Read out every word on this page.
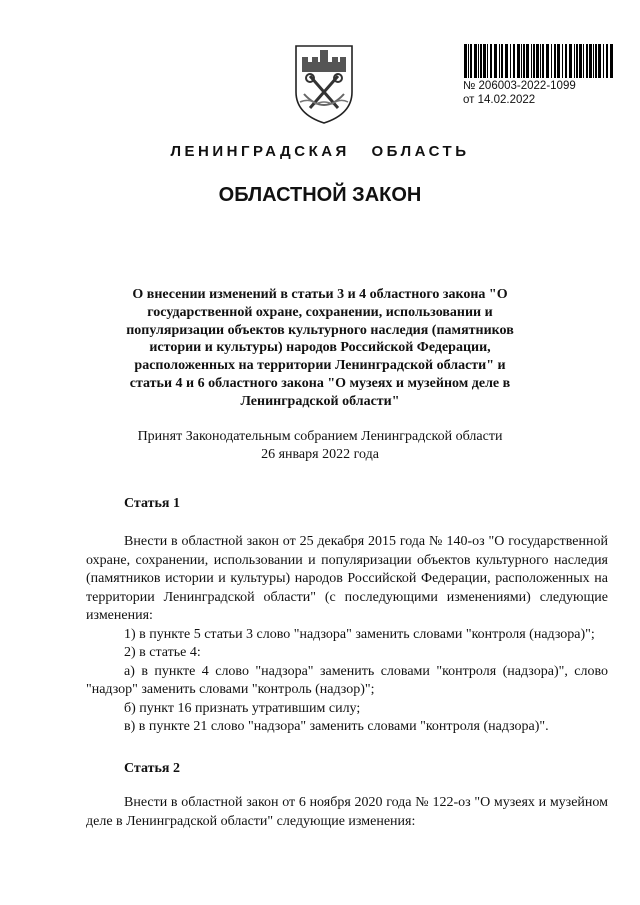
№ 206003-2022-1099
от 14.02.2022
ЛЕНИНГРАДСКАЯ ОБЛАСТЬ
ОБЛАСТНОЙ ЗАКОН

О внесении изменений в статьи 3 и 4 областного закона "О государственной охране, сохранении, использовании и популяризации объектов культурного наследия (памятников истории и культуры) народов Российской Федерации, расположенных на территории Ленинградской области" и статьи 4 и 6 областного закона "О музеях и музейном деле в Ленинградской области"

Принят Законодательным собранием Ленинградской области
26 января 2022 года
Статья 1

Внести в областной закон от 25 декабря 2015 года № 140-оз "О государственной охране, сохранении, использовании и популяризации объектов культурного наследия (памятников истории и культуры) народов Российской Федерации, расположенных на территории Ленинградской области" (с последующими изменениями) следующие изменения:

1) в пункте 5 статьи 3 слово "надзора" заменить словами "контроля (надзора)";

2) в статье 4:

а) в пункте 4 слово "надзора" заменить словами "контроля (надзора)", слово "надзор" заменить словами "контроль (надзор)";

б) пункт 16 признать утратившим силу;

в) в пункте 21 слово "надзора" заменить словами "контроля (надзора)".

Статья 2

Внести в областной закон от 6 ноября 2020 года № 122-оз "О музеях и музейном деле в Ленинградской области" следующие изменения:
